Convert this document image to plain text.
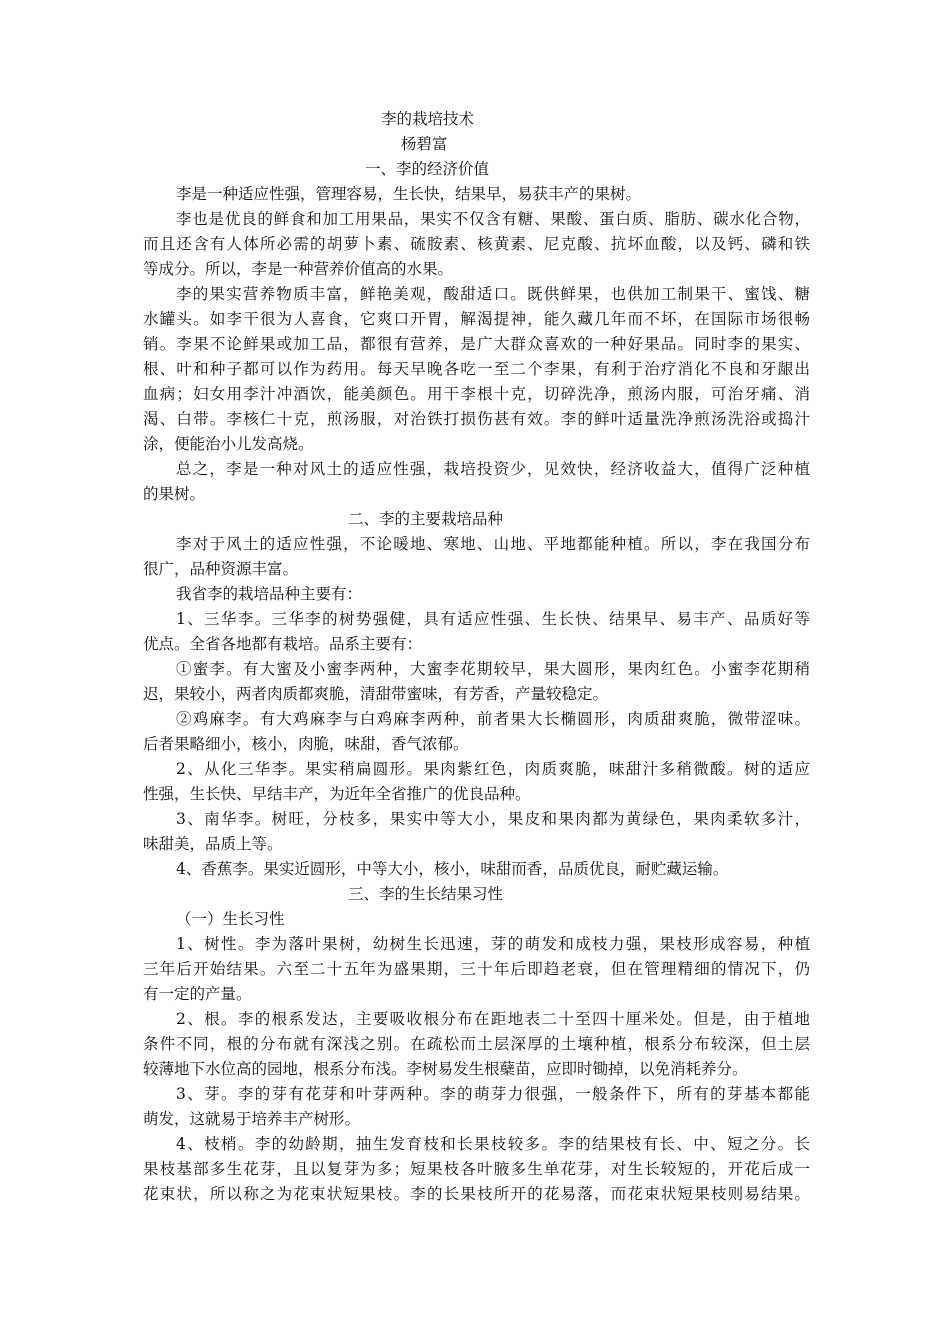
李的栽培技术
杨碧富
一、李的经济价值
李是一种适应性强，管理容易，生长快，结果早，易获丰产的果树。
李也是优良的鲜食和加工用果品，果实不仅含有糖、果酸、蛋白质、脂肪、碳水化合物，
而且还含有人体所必需的胡萝卜素、硫胺素、核黄素、尼克酸、抗坏血酸，以及钙、磷和铁
等成分。所以，李是一种营养价值高的水果。
李的果实营养物质丰富，鲜艳美观，酸甜适口。既供鲜果，也供加工制果干、蜜饯、糖
水罐头。如李干很为人喜食，它爽口开胃，解渴提神，能久藏几年而不坏，在国际市场很畅
销。李果不论鲜果或加工品，都很有营养，是广大群众喜欢的一种好果品。同时李的果实、
根、叶和种子都可以作为药用。每天早晚各吃一至二个李果，有利于治疗消化不良和牙龈出
血病；妇女用李汁冲酒饮，能美颜色。用干李根十克，切碎洗净，煎汤内服，可治牙痛、消
渴、白带。李核仁十克，煎汤服，对治铁打损伤甚有效。李的鲜叶适量洗净煎汤洗浴或捣汁
涂，便能治小儿发高烧。
总之，李是一种对风土的适应性强，栽培投资少，见效快，经济收益大，值得广泛种植
的果树。
二、李的主要栽培品种
李对于风土的适应性强，不论暖地、寒地、山地、平地都能种植。所以，李在我国分布
很广，品种资源丰富。
我省李的栽培品种主要有：
1、三华李。三华李的树势强健，具有适应性强、生长快、结果早、易丰产、品质好等
优点。全省各地都有栽培。品系主要有：
①蜜李。有大蜜及小蜜李两种，大蜜李花期较早，果大圆形，果肉红色。小蜜李花期稍
迟，果较小，两者肉质都爽脆，清甜带蜜味，有芳香，产量较稳定。
②鸡麻李。有大鸡麻李与白鸡麻李两种，前者果大长椭圆形，肉质甜爽脆，微带涩味。
后者果略细小，核小，肉脆，味甜，香气浓郁。
2、从化三华李。果实稍扁圆形。果肉紫红色，肉质爽脆，味甜汁多稍微酸。树的适应
性强，生长快、早结丰产，为近年全省推广的优良品种。
3、南华李。树旺，分枝多，果实中等大小，果皮和果肉都为黄绿色，果肉柔软多汁，
味甜美，品质上等。
4、香蕉李。果实近圆形，中等大小，核小，味甜而香，品质优良，耐贮藏运输。
三、李的生长结果习性
（一）生长习性
1、树性。李为落叶果树，幼树生长迅速，芽的萌发和成枝力强，果枝形成容易，种植
三年后开始结果。六至二十五年为盛果期，三十年后即趋老衰，但在管理精细的情况下，仍
有一定的产量。
2、根。李的根系发达，主要吸收根分布在距地表二十至四十厘米处。但是，由于植地
条件不同，根的分布就有深浅之别。在疏松而土层深厚的土壤种植，根系分布较深，但土层
较薄地下水位高的园地，根系分布浅。李树易发生根蘖苗，应即时锄掉，以免消耗养分。
3、芽。李的芽有花芽和叶芽两种。李的萌芽力很强，一般条件下，所有的芽基本都能
萌发，这就易于培养丰产树形。
4、枝梢。李的幼龄期，抽生发育枝和长果枝较多。李的结果枝有长、中、短之分。长
果枝基部多生花芽，且以复芽为多；短果枝各叶腋多生单花芽，对生长较短的，开花后成一
花束状，所以称之为花束状短果枝。李的长果枝所开的花易落，而花束状短果枝则易结果。
